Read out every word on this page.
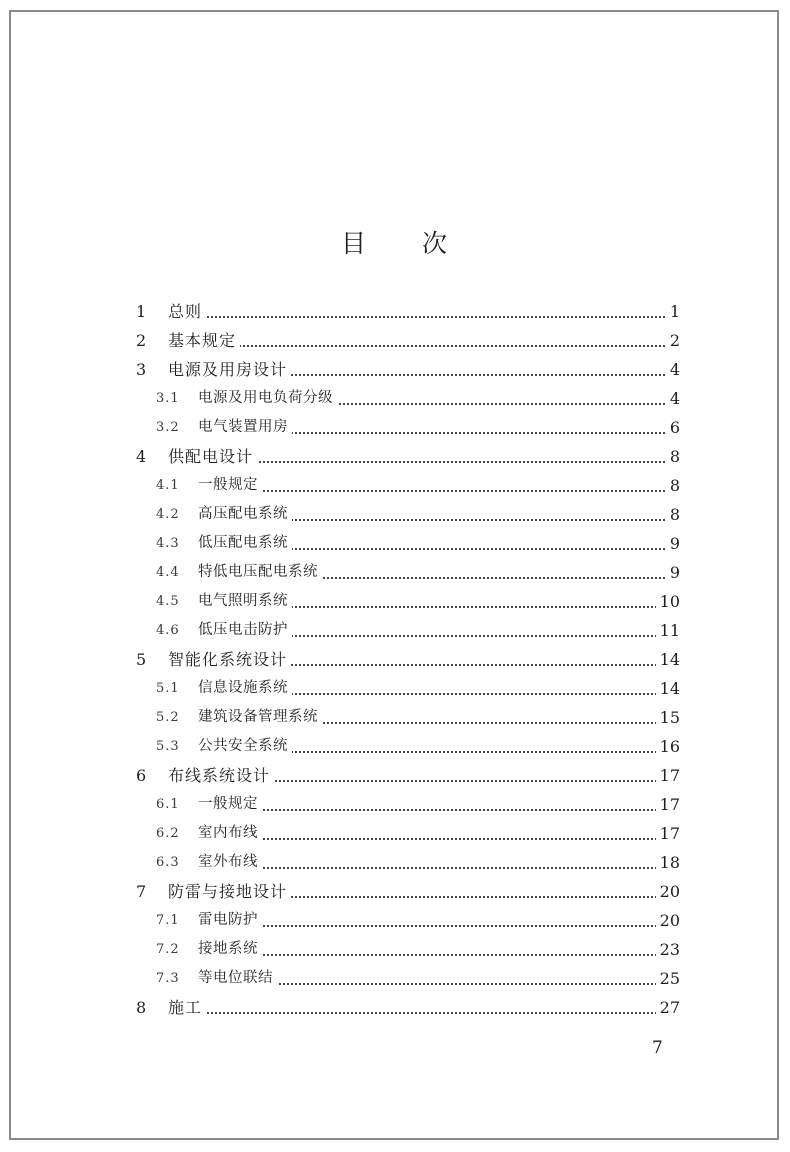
目 次
1 总则	1
2 基本规定	2
3 电源及用房设计	4
3.1 电源及用电负荷分级	4
3.2 电气装置用房	6
4 供配电设计	8
4.1 一般规定	8
4.2 高压配电系统	8
4.3 低压配电系统	9
4.4 特低电压配电系统	9
4.5 电气照明系统	10
4.6 低压电击防护	11
5 智能化系统设计	14
5.1 信息设施系统	14
5.2 建筑设备管理系统	15
5.3 公共安全系统	16
6 布线系统设计	17
6.1 一般规定	17
6.2 室内布线	17
6.3 室外布线	18
7 防雷与接地设计	20
7.1 雷电防护	20
7.2 接地系统	23
7.3 等电位联结	25
8 施工	27
7
